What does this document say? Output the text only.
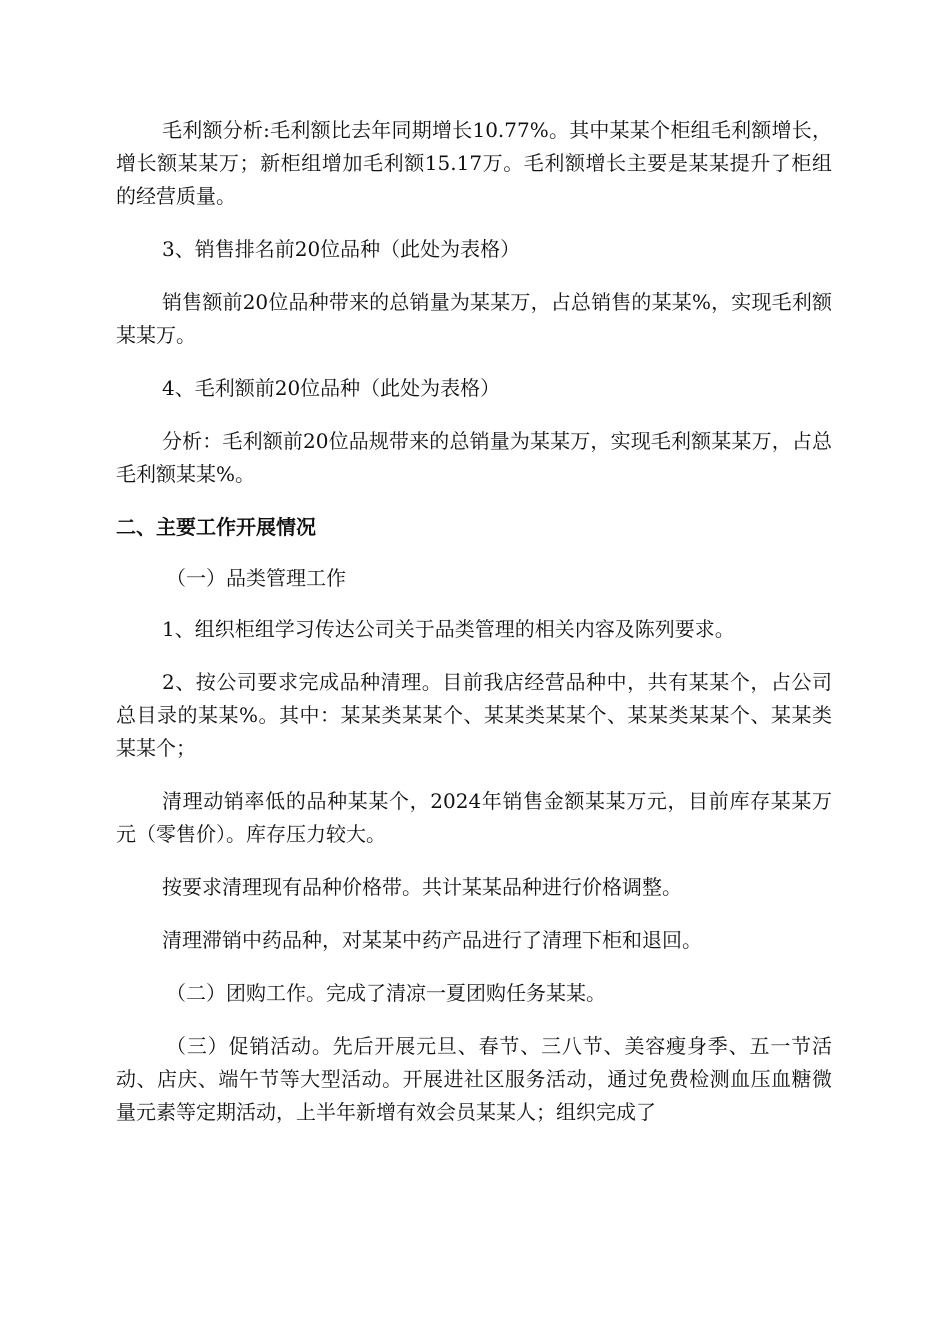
毛利额分析:毛利额比去年同期增长10.77%。其中某某个柜组毛利额增长，增长额某某万；新柜组增加毛利额15.17万。毛利额增长主要是某某提升了柜组的经营质量。

3、销售排名前20位品种（此处为表格）

销售额前20位品种带来的总销量为某某万，占总销售的某某%，实现毛利额某某万。

4、毛利额前20位品种（此处为表格）

分析：毛利额前20位品规带来的总销量为某某万，实现毛利额某某万，占总毛利额某某%。

二、主要工作开展情况

（一）品类管理工作

1、组织柜组学习传达公司关于品类管理的相关内容及陈列要求。

2、按公司要求完成品种清理。目前我店经营品种中，共有某某个，占公司总目录的某某%。其中：某某类某某个、某某类某某个、某某类某某个、某某类某某个；

清理动销率低的品种某某个，2024年销售金额某某万元，目前库存某某万元（零售价）。库存压力较大。

按要求清理现有品种价格带。共计某某品种进行价格调整。

清理滞销中药品种，对某某中药产品进行了清理下柜和退回。

（二）团购工作。完成了清凉一夏团购任务某某。

（三）促销活动。先后开展元旦、春节、三八节、美容瘦身季、五一节活动、店庆、端午节等大型活动。开展进社区服务活动，通过免费检测血压血糖微量元素等定期活动，上半年新增有效会员某某人；组织完成了
